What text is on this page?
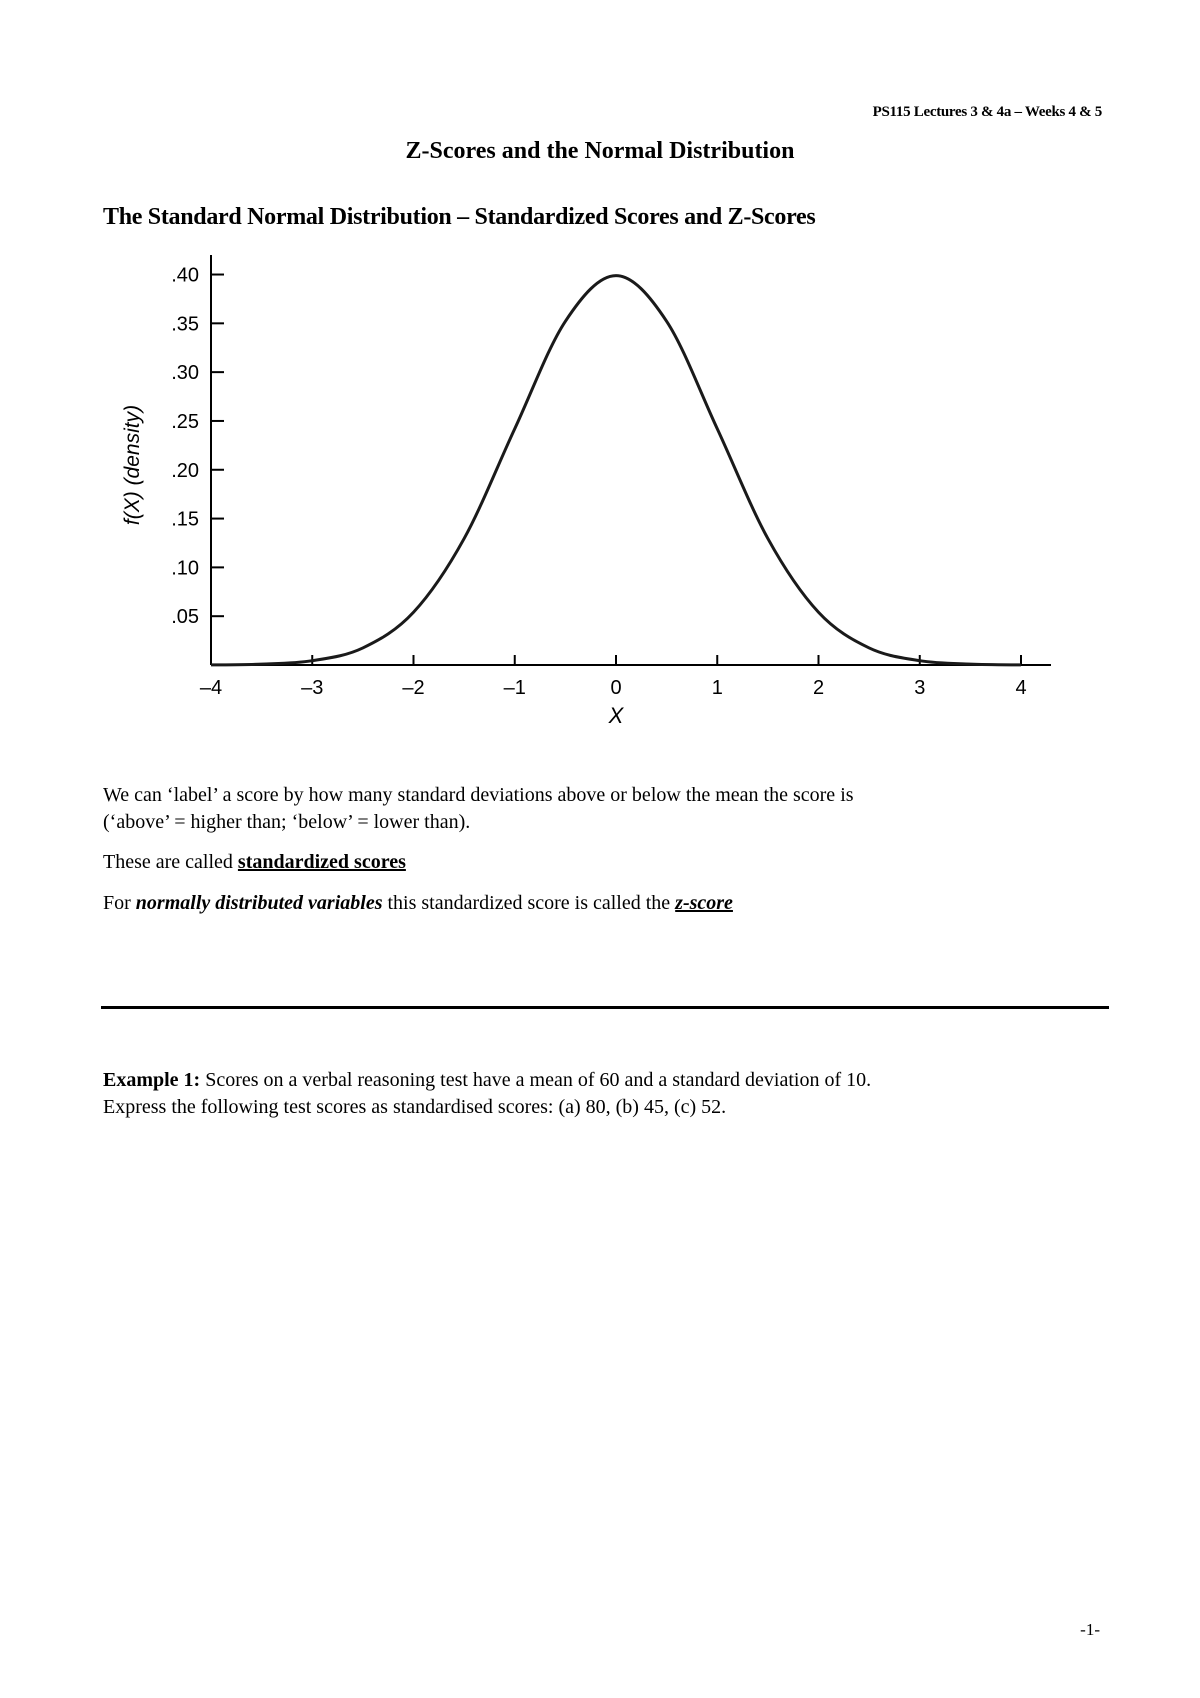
PS115 Lectures 3 & 4a – Weeks 4 & 5
Z-Scores and the Normal Distribution
The Standard Normal Distribution – Standardized Scores and Z-Scores
.05
.10
.15
.20
.25
.30
.35
.40
–4	–3	–2	–1	0	1	2	3	4
f(X) (density)
X
We can ‘label’ a score by how many standard deviations above or below the mean the score is
(‘above’ = higher than; ‘below’ = lower than).
These are called standardized scores
For normally distributed variables this standardized score is called the z-score
Example 1: Scores on a verbal reasoning test have a mean of 60 and a standard deviation of 10.
Express the following test scores as standardised scores: (a) 80, (b) 45, (c) 52.
-1-
